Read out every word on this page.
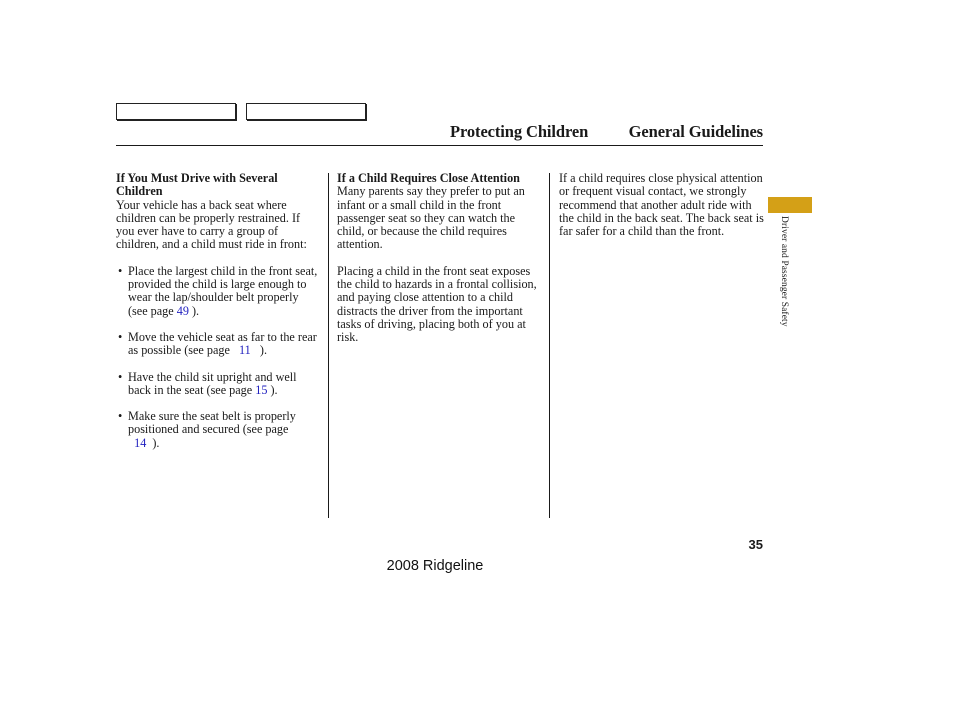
Protecting Children General Guidelines

If You Must Drive with Several Children

Your vehicle has a back seat where children can be properly restrained. If you ever have to carry a group of children, and a child must ride in front:

• Place the largest child in the front seat, provided the child is large enough to wear the lap/shoulder belt properly (see page 49 ).
• Move the vehicle seat as far to the rear as possible (see page   11   ).
• Have the child sit upright and well back in the seat (see page 15 ).
• Make sure the seat belt is properly positioned and secured (see page
14  ).

If a Child Requires Close Attention

Many parents say they prefer to put an infant or a small child in the front passenger seat so they can watch the child, or because the child requires attention.

Placing a child in the front seat exposes the child to hazards in a frontal collision, and paying close attention to a child distracts the driver from the important tasks of driving, placing both of you at risk.

If a child requires close physical attention or frequent visual contact, we strongly recommend that another adult ride with the child in the back seat. The back seat is far safer for a child than the front.	Driver and Passenger Safety
35
2008 Ridgeline
